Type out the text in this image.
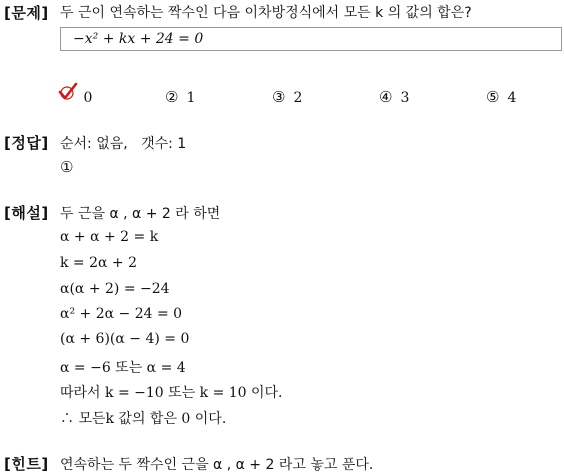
[문제] 두 근이 연속하는 짝수인 다음 이차방정식에서 모든 k 의 값의 합은?
−x² + kx + 24 = 0
0	② 1	③ 2	④ 3	⑤ 4
[정답] 순서: 없음, 갯수: 1
①
[해설] 두 근을 α , α + 2 라 하면
α + α + 2 = k
k = 2α + 2
α(α + 2) = −24
α² + 2α − 24 = 0
(α + 6)(α − 4) = 0
α = −6 또는 α = 4
따라서 k = −10 또는 k = 10 이다.
∴ 모든k 값의 합은 0 이다.
[힌트] 연속하는 두 짝수인 근을 α , α + 2 라고 놓고 푼다.
